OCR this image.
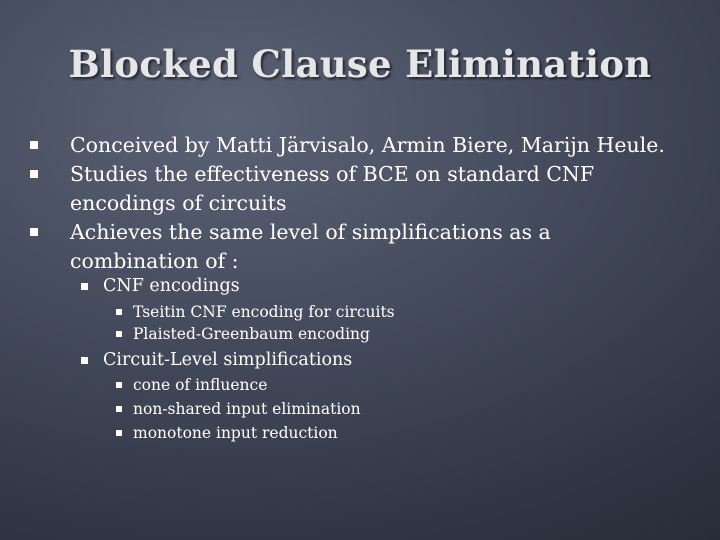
Blocked Clause Elimination
Conceived by Matti Järvisalo, Armin Biere, Marijn Heule.
Studies the effectiveness of BCE on standard CNF
encodings of circuits
Achieves the same level of simplifications as a
combination of :
CNF encodings
Tseitin CNF encoding for circuits
Plaisted-Greenbaum encoding
Circuit-Level simplifications
cone of influence
non-shared input elimination
monotone input reduction
